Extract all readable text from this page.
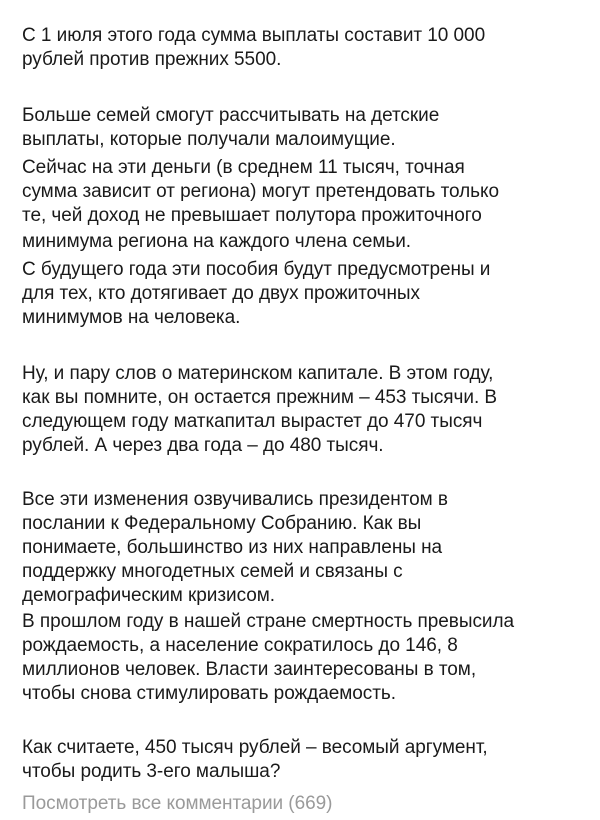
С 1 июля этого года сумма выплаты составит 10 000
рублей против прежних 5500.
Больше семей смогут рассчитывать на детские
выплаты, которые получали малоимущие.
Сейчас на эти деньги (в среднем 11 тысяч, точная
сумма зависит от региона) могут претендовать только
те, чей доход не превышает полутора прожиточного
минимума региона на каждого члена семьи.
С будущего года эти пособия будут предусмотрены и
для тех, кто дотягивает до двух прожиточных
минимумов на человека.
Ну, и пару слов о материнском капитале. В этом году,
как вы помните, он остается прежним – 453 тысячи. В
следующем году маткапитал вырастет до 470 тысяч
рублей. А через два года – до 480 тысяч.
Все эти изменения озвучивались президентом в
послании к Федеральному Собранию. Как вы
понимаете, большинство из них направлены на
поддержку многодетных семей и связаны с
демографическим кризисом.
В прошлом году в нашей стране смертность превысила
рождаемость, а население сократилось до 146, 8
миллионов человек. Власти заинтересованы в том,
чтобы снова стимулировать рождаемость.
Как считаете, 450 тысяч рублей – весомый аргумент,
чтобы родить 3-его малыша?
Посмотреть все комментарии (669)
